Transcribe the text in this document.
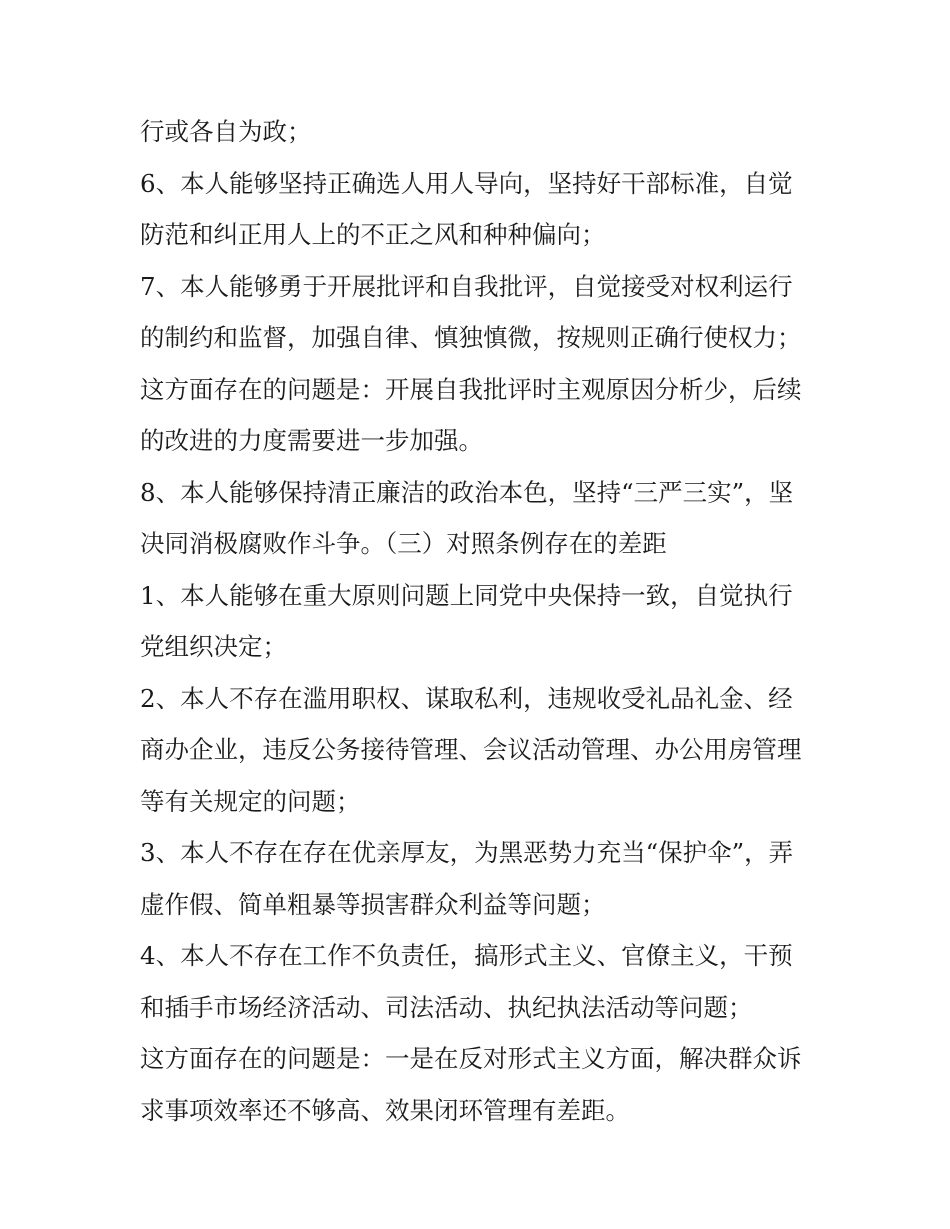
行或各自为政；
6、本人能够坚持正确选人用人导向，坚持好干部标准，自觉
防范和纠正用人上的不正之风和种种偏向；
7、本人能够勇于开展批评和自我批评，自觉接受对权利运行
的制约和监督，加强自律、慎独慎微，按规则正确行使权力；
这方面存在的问题是：开展自我批评时主观原因分析少，后续
的改进的力度需要进一步加强。
8、本人能够保持清正廉洁的政治本色，坚持“三严三实”，坚
决同消极腐败作斗争。（三）对照条例存在的差距
1、本人能够在重大原则问题上同党中央保持一致，自觉执行
党组织决定；
2、本人不存在滥用职权、谋取私利，违规收受礼品礼金、经
商办企业，违反公务接待管理、会议活动管理、办公用房管理
等有关规定的问题；
3、本人不存在存在优亲厚友，为黑恶势力充当“保护伞”，弄
虚作假、简单粗暴等损害群众利益等问题；
4、本人不存在工作不负责任，搞形式主义、官僚主义，干预
和插手市场经济活动、司法活动、执纪执法活动等问题；
这方面存在的问题是：一是在反对形式主义方面，解决群众诉
求事项效率还不够高、效果闭环管理有差距。
